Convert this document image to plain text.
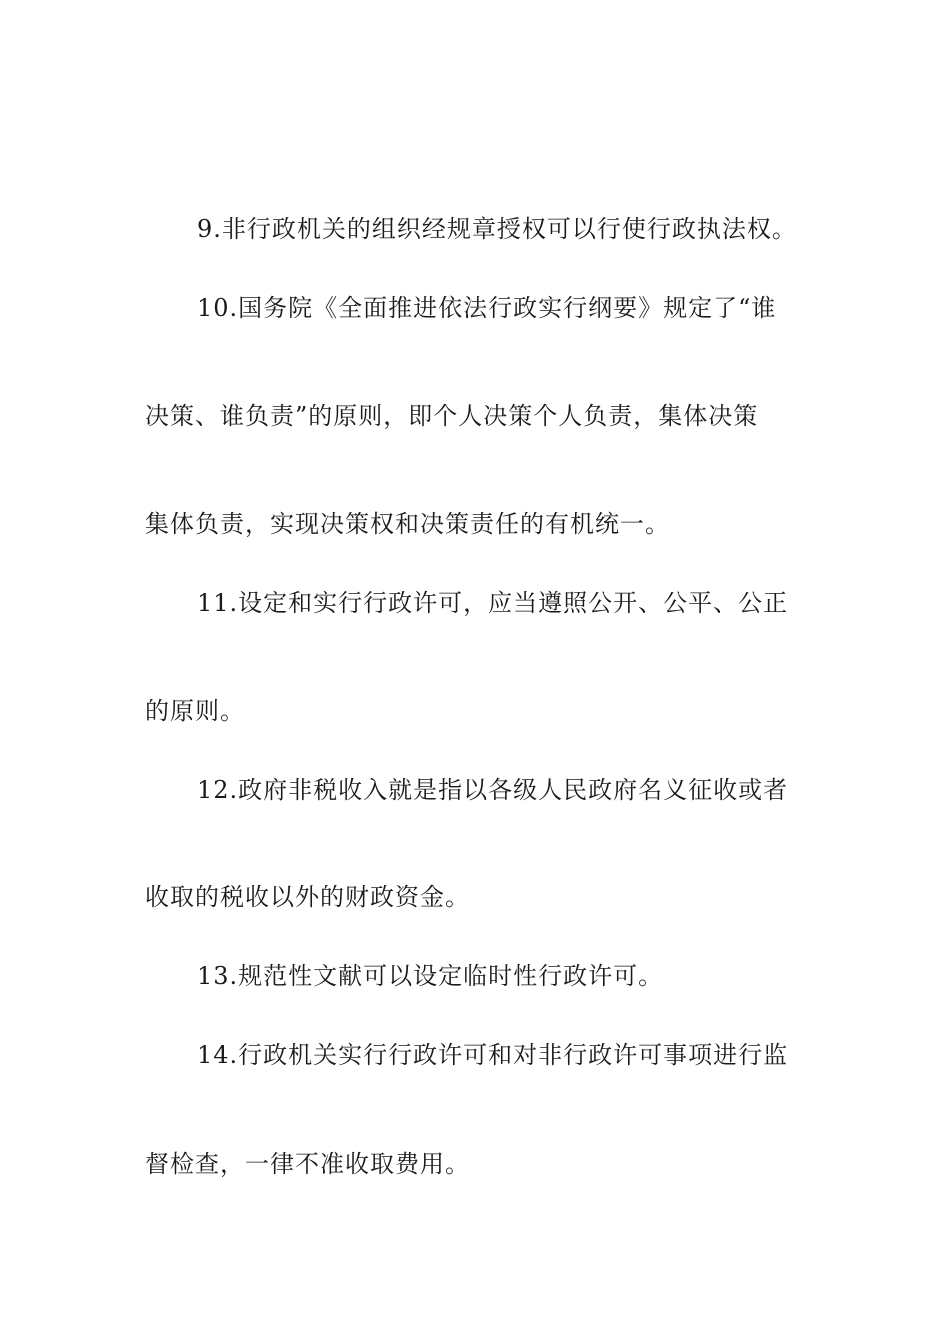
9.非行政机关的组织经规章授权可以行使行政执法权。
10.国务院《全面推进依法行政实行纲要》规定了“谁
决策、谁负责”的原则，即个人决策个人负责，集体决策
集体负责，实现决策权和决策责任的有机统一。
11.设定和实行行政许可，应当遵照公开、公平、公正
的原则。
12.政府非税收入就是指以各级人民政府名义征收或者
收取的税收以外的财政资金。
13.规范性文献可以设定临时性行政许可。
14.行政机关实行行政许可和对非行政许可事项进行监
督检查，一律不准收取费用。
